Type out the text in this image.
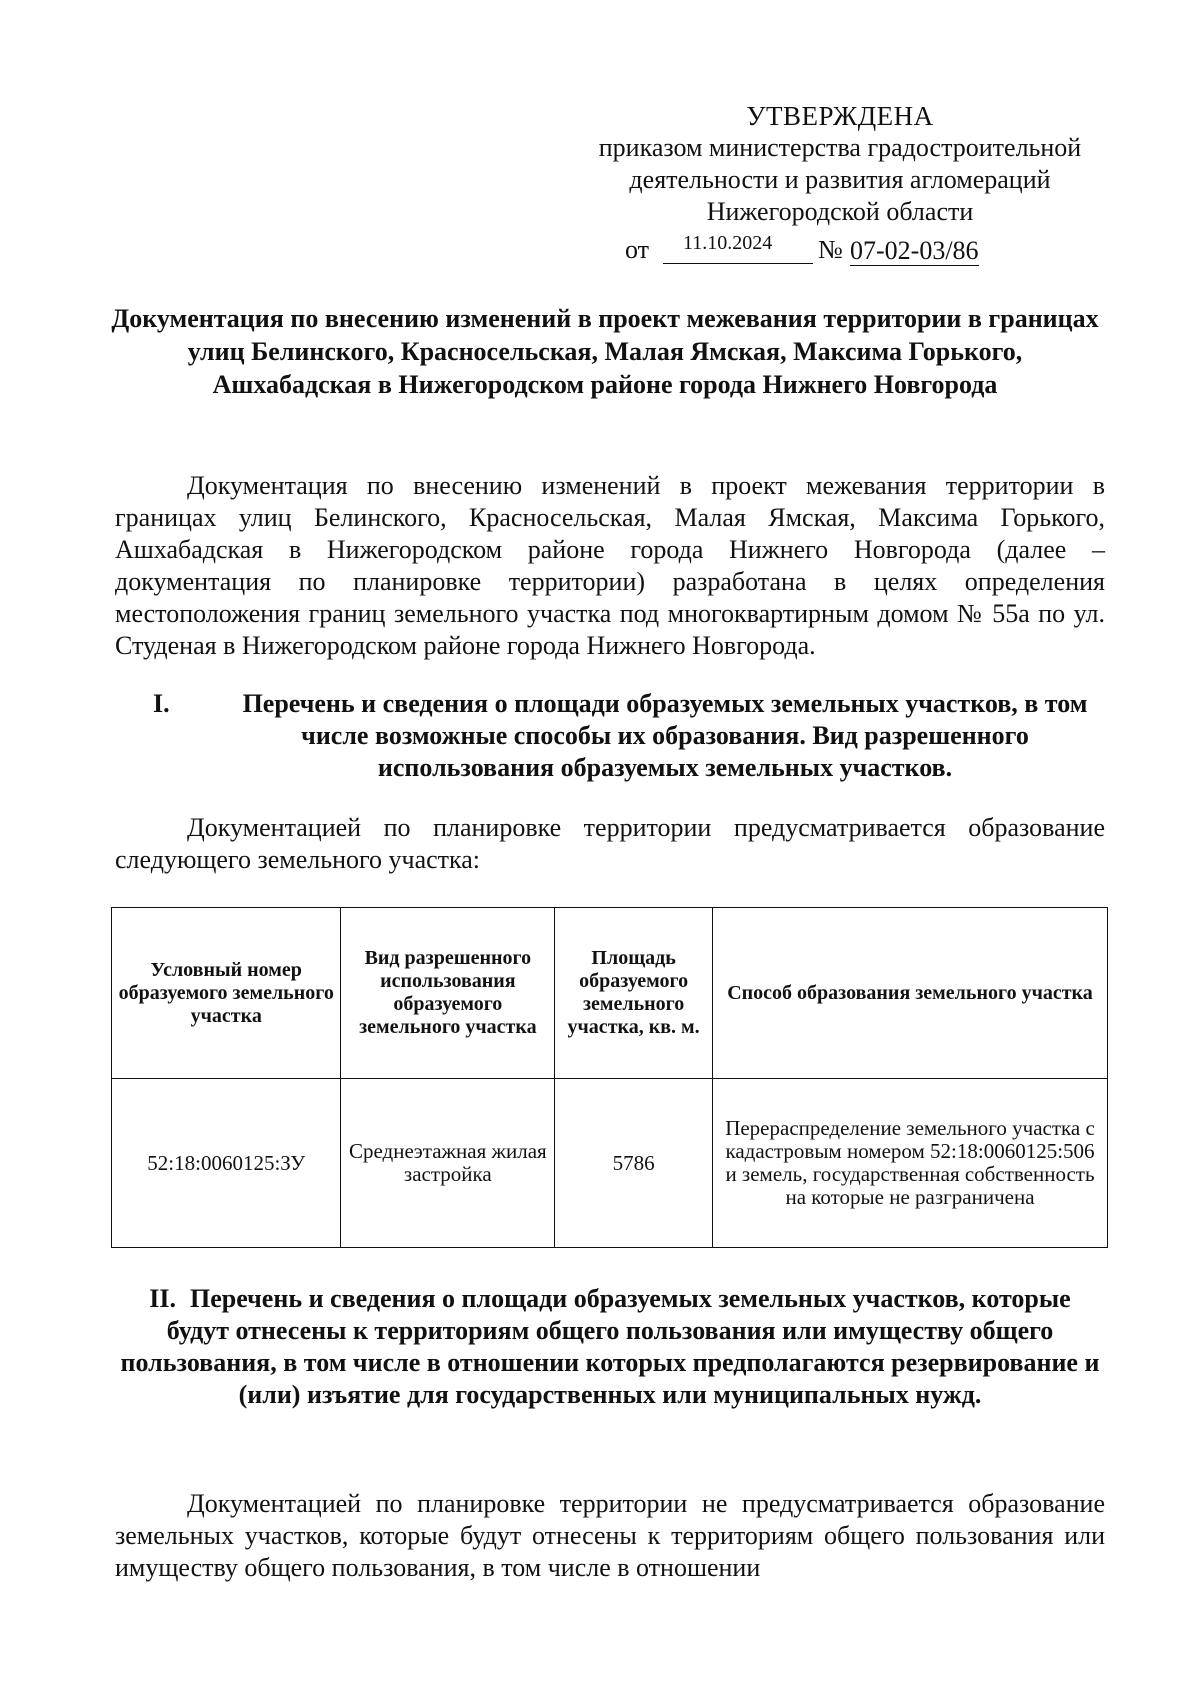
УТВЕРЖДЕНА
приказом министерства градостроительной
деятельности и развития агломераций
Нижегородской области
от 11.10.2024 № 07-02-03/86
Документация по внесению изменений в проект межевания территории в границах улиц Белинского, Красносельская, Малая Ямская, Максима Горького, Ашхабадская в Нижегородском районе города Нижнего Новгорода
Документация по внесению изменений в проект межевания территории в границах улиц Белинского, Красносельская, Малая Ямская, Максима Горького, Ашхабадская в Нижегородском районе города Нижнего Новгорода (далее – документация по планировке территории) разработана в целях определения местоположения границ земельного участка под многоквартирным домом № 55а по ул. Студеная в Нижегородском районе города Нижнего Новгорода.
I.	Перечень и сведения о площади образуемых земельных участков, в том числе возможные способы их образования. Вид разрешенного использования образуемых земельных участков.
Документацией по планировке территории предусматривается образование следующего земельного участка:
Условный номер образуемого земельного участка	Вид разрешенного использования образуемого земельного участка	Площадь образуемого земельного участка, кв. м.	Способ образования земельного участка
52:18:0060125:ЗУ	Среднеэтажная жилая застройка	5786	Перераспределение земельного участка с кадастровым номером 52:18:0060125:506 и земель, государственная собственность на которые не разграничена
II. Перечень и сведения о площади образуемых земельных участков, которые будут отнесены к территориям общего пользования или имуществу общего пользования, в том числе в отношении которых предполагаются резервирование и (или) изъятие для государственных или муниципальных нужд.
Документацией по планировке территории не предусматривается образование земельных участков, которые будут отнесены к территориям общего пользования или имуществу общего пользования, в том числе в отношении
